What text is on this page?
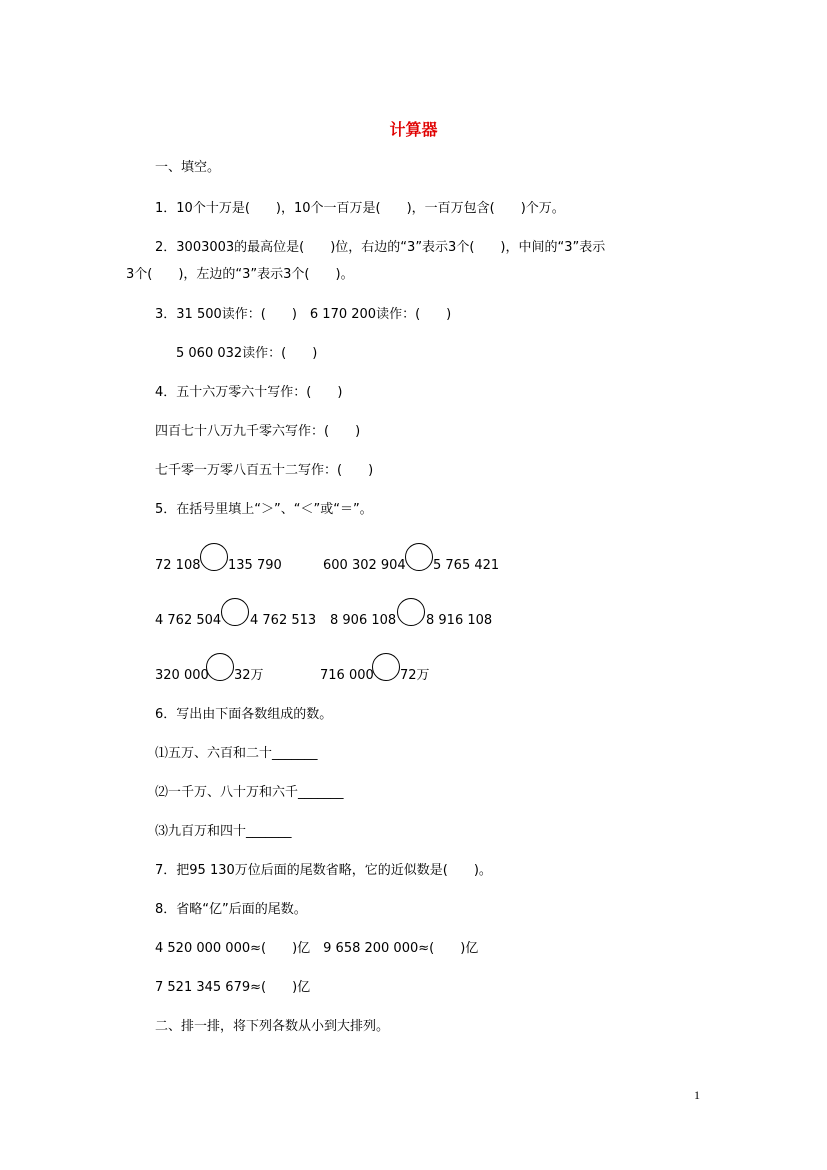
计算器
一、填空。
1．10个十万是(　　)，10个一百万是(　　)，一百万包含(　　)个万。
2．3003003的最高位是(　　)位，右边的“3”表示3个(　　)，中间的“3”表示
3个(　　)，左边的“3”表示3个(　　)。
3．31 500读作：(　　)　6 170 200读作：(　　)
5 060 032读作：(　　)
4．五十六万零六十写作：(　　)
四百七十八万九千零六写作：(　　)
七千零一万零八百五十二写作：(　　)
5．在括号里填上“＞”、“＜”或“＝”。
72 108 135 790	600 302 904 5 765 421
4 762 504 4 762 513 8 906 108 8 916 108
320 000 32万	716 000 72万
6．写出由下面各数组成的数。
⑴五万、六百和二十_______
⑵一千万、八十万和六千_______
⑶九百万和四十_______
7．把95 130万位后面的尾数省略，它的近似数是(　　)。
8．省略“亿”后面的尾数。
4 520 000 000≈(　　)亿　9 658 200 000≈(　　)亿
7 521 345 679≈(　　)亿
二、排一排，将下列各数从小到大排列。
1
